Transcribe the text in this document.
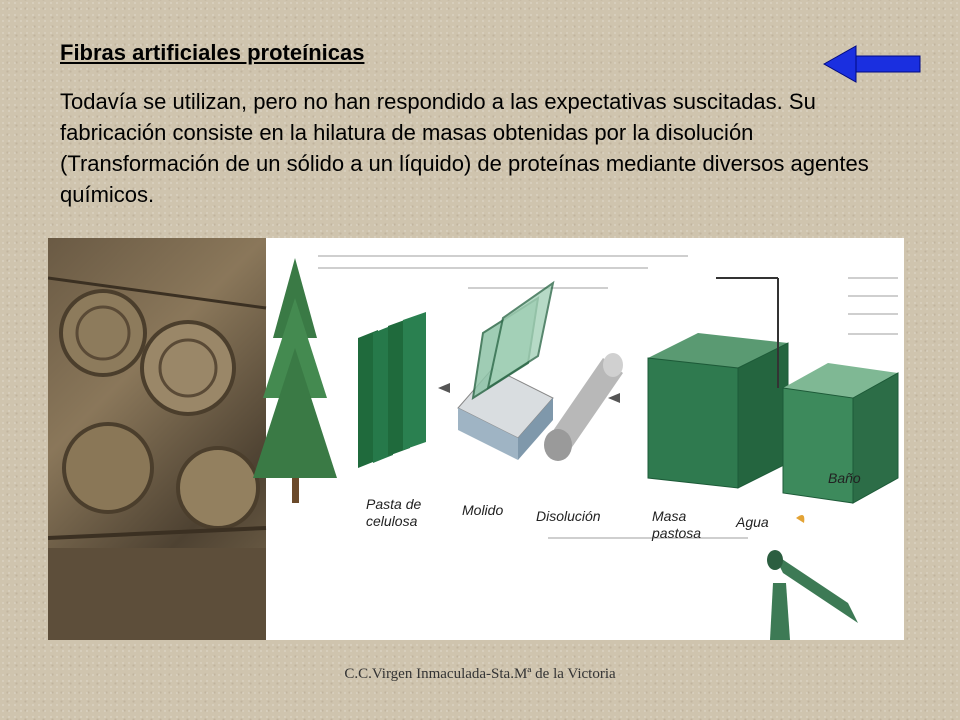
Fibras artificiales proteínicas

Todavía se utilizan, pero no han respondido a las expectativas suscitadas. Su fabricación consiste en la hilatura de masas obtenidas por la disolución (Transformación de un sólido a un líquido) de proteínas mediante diversos agentes químicos.

Pasta de
celulosa
Molido Disolución	Masa
pastosa
Agua
Baño
C.C.Virgen Inmaculada-Sta.Mª de la Victoria
